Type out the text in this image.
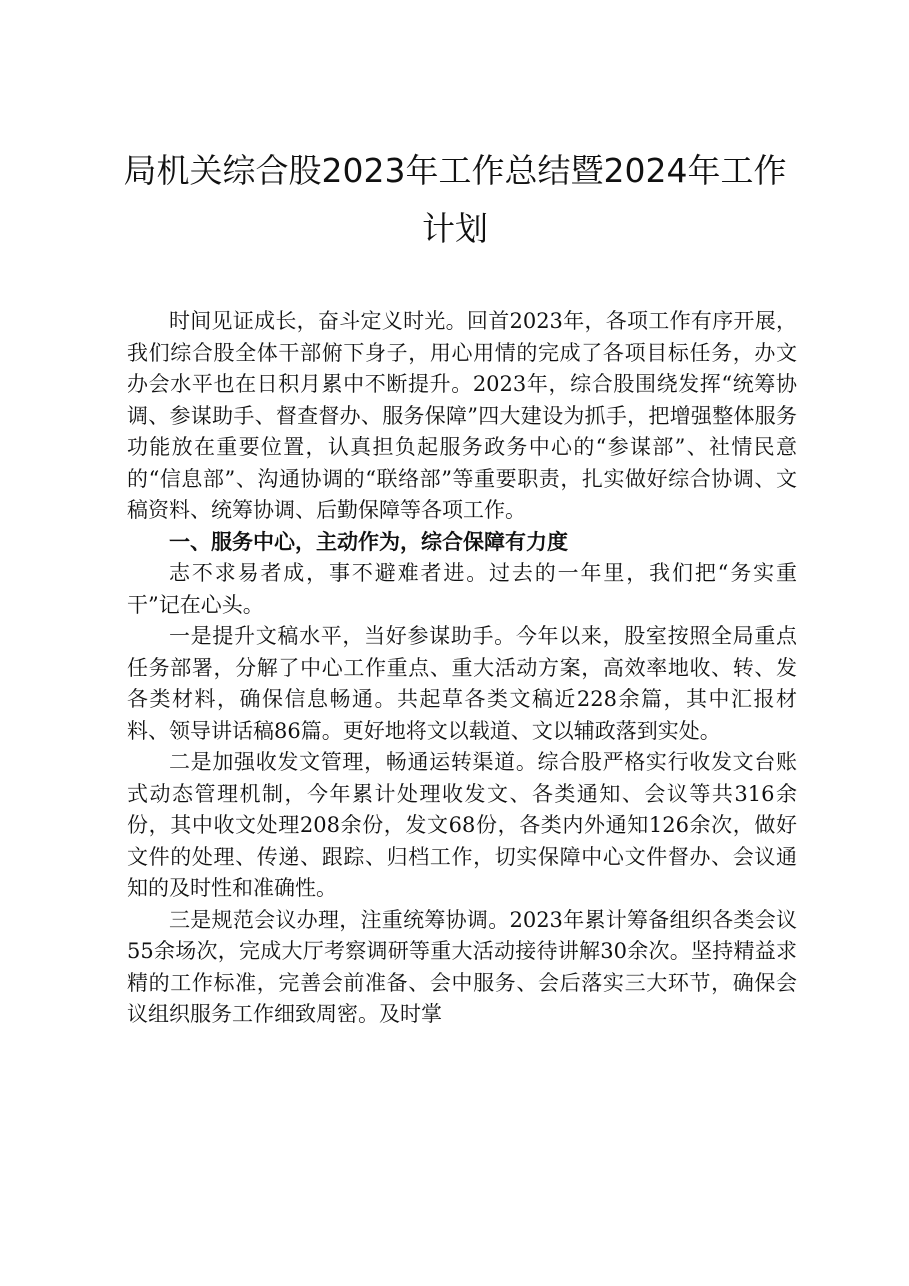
局机关综合股2023年工作总结暨2024年工作计划

时间见证成长，奋斗定义时光。回首2023年，各项工作有序开展，我们综合股全体干部俯下身子，用心用情的完成了各项目标任务，办文办会水平也在日积月累中不断提升。2023年，综合股围绕发挥“统筹协调、参谋助手、督查督办、服务保障”四大建设为抓手，把增强整体服务功能放在重要位置，认真担负起服务政务中心的“参谋部”、社情民意的“信息部”、沟通协调的“联络部”等重要职责，扎实做好综合协调、文稿资料、统筹协调、后勤保障等各项工作。

一、服务中心，主动作为，综合保障有力度

志不求易者成，事不避难者进。过去的一年里，我们把“务实重干”记在心头。

一是提升文稿水平，当好参谋助手。今年以来，股室按照全局重点任务部署，分解了中心工作重点、重大活动方案，高效率地收、转、发各类材料，确保信息畅通。共起草各类文稿近228余篇，其中汇报材料、领导讲话稿86篇。更好地将文以载道、文以辅政落到实处。

二是加强收发文管理，畅通运转渠道。综合股严格实行收发文台账式动态管理机制，今年累计处理收发文、各类通知、会议等共316余份，其中收文处理208余份，发文68份，各类内外通知126余次，做好文件的处理、传递、跟踪、归档工作，切实保障中心文件督办、会议通知的及时性和准确性。

三是规范会议办理，注重统筹协调。2023年累计筹备组织各类会议55余场次，完成大厅考察调研等重大活动接待讲解30余次。坚持精益求精的工作标准，完善会前准备、会中服务、会后落实三大环节，确保会议组织服务工作细致周密。及时掌
